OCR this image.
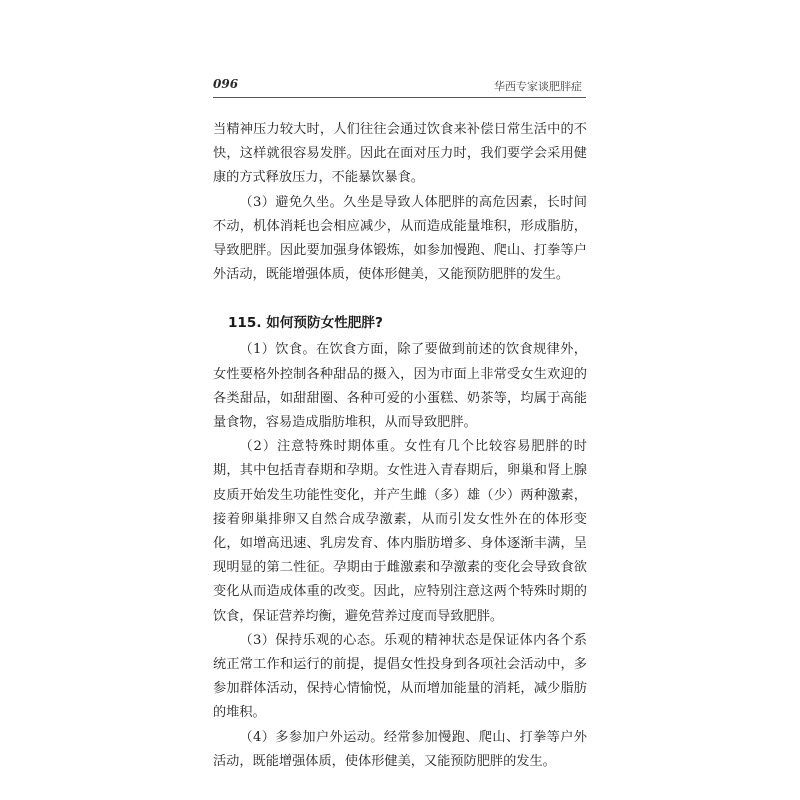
096	华西专家谈肥胖症

当精神压力较大时，人们往往会通过饮食来补偿日常生活中的不快，这样就很容易发胖。因此在面对压力时，我们要学会采用健康的方式释放压力，不能暴饮暴食。

（3）避免久坐。久坐是导致人体肥胖的高危因素，长时间不动，机体消耗也会相应减少，从而造成能量堆积，形成脂肪，导致肥胖。因此要加强身体锻炼，如参加慢跑、爬山、打拳等户外活动，既能增强体质，使体形健美，又能预防肥胖的发生。

115. 如何预防女性肥胖?

（1）饮食。在饮食方面，除了要做到前述的饮食规律外，女性要格外控制各种甜品的摄入，因为市面上非常受女生欢迎的各类甜品，如甜甜圈、各种可爱的小蛋糕、奶茶等，均属于高能量食物，容易造成脂肪堆积，从而导致肥胖。

（2）注意特殊时期体重。女性有几个比较容易肥胖的时期，其中包括青春期和孕期。女性进入青春期后，卵巢和肾上腺皮质开始发生功能性变化，并产生雌（多）雄（少）两种激素，接着卵巢排卵又自然合成孕激素，从而引发女性外在的体形变化，如增高迅速、乳房发育、体内脂肪增多、身体逐渐丰满，呈现明显的第二性征。孕期由于雌激素和孕激素的变化会导致食欲变化从而造成体重的改变。因此，应特别注意这两个特殊时期的饮食，保证营养均衡，避免营养过度而导致肥胖。

（3）保持乐观的心态。乐观的精神状态是保证体内各个系统正常工作和运行的前提，提倡女性投身到各项社会活动中，多参加群体活动，保持心情愉悦，从而增加能量的消耗，减少脂肪的堆积。

（4）多参加户外运动。经常参加慢跑、爬山、打拳等户外活动，既能增强体质，使体形健美，又能预防肥胖的发生。
